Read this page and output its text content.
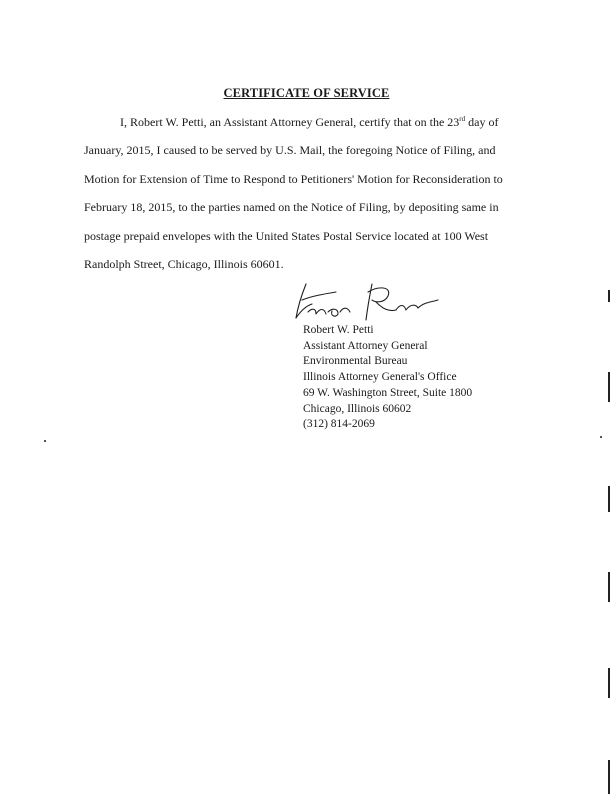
CERTIFICATE OF SERVICE

I, Robert W. Petti, an Assistant Attorney General, certify that on the 23rd day of January, 2015, I caused to be served by U.S. Mail, the foregoing Notice of Filing, and Motion for Extension of Time to Respond to Petitioners' Motion for Reconsideration to February 18, 2015, to the parties named on the Notice of Filing, by depositing same in postage prepaid envelopes with the United States Postal Service located at 100 West Randolph Street, Chicago, Illinois 60601.

Robert W. Petti
Assistant Attorney General
Environmental Bureau
Illinois Attorney General's Office
69 W. Washington Street, Suite 1800
Chicago, Illinois 60602
(312) 814-2069
